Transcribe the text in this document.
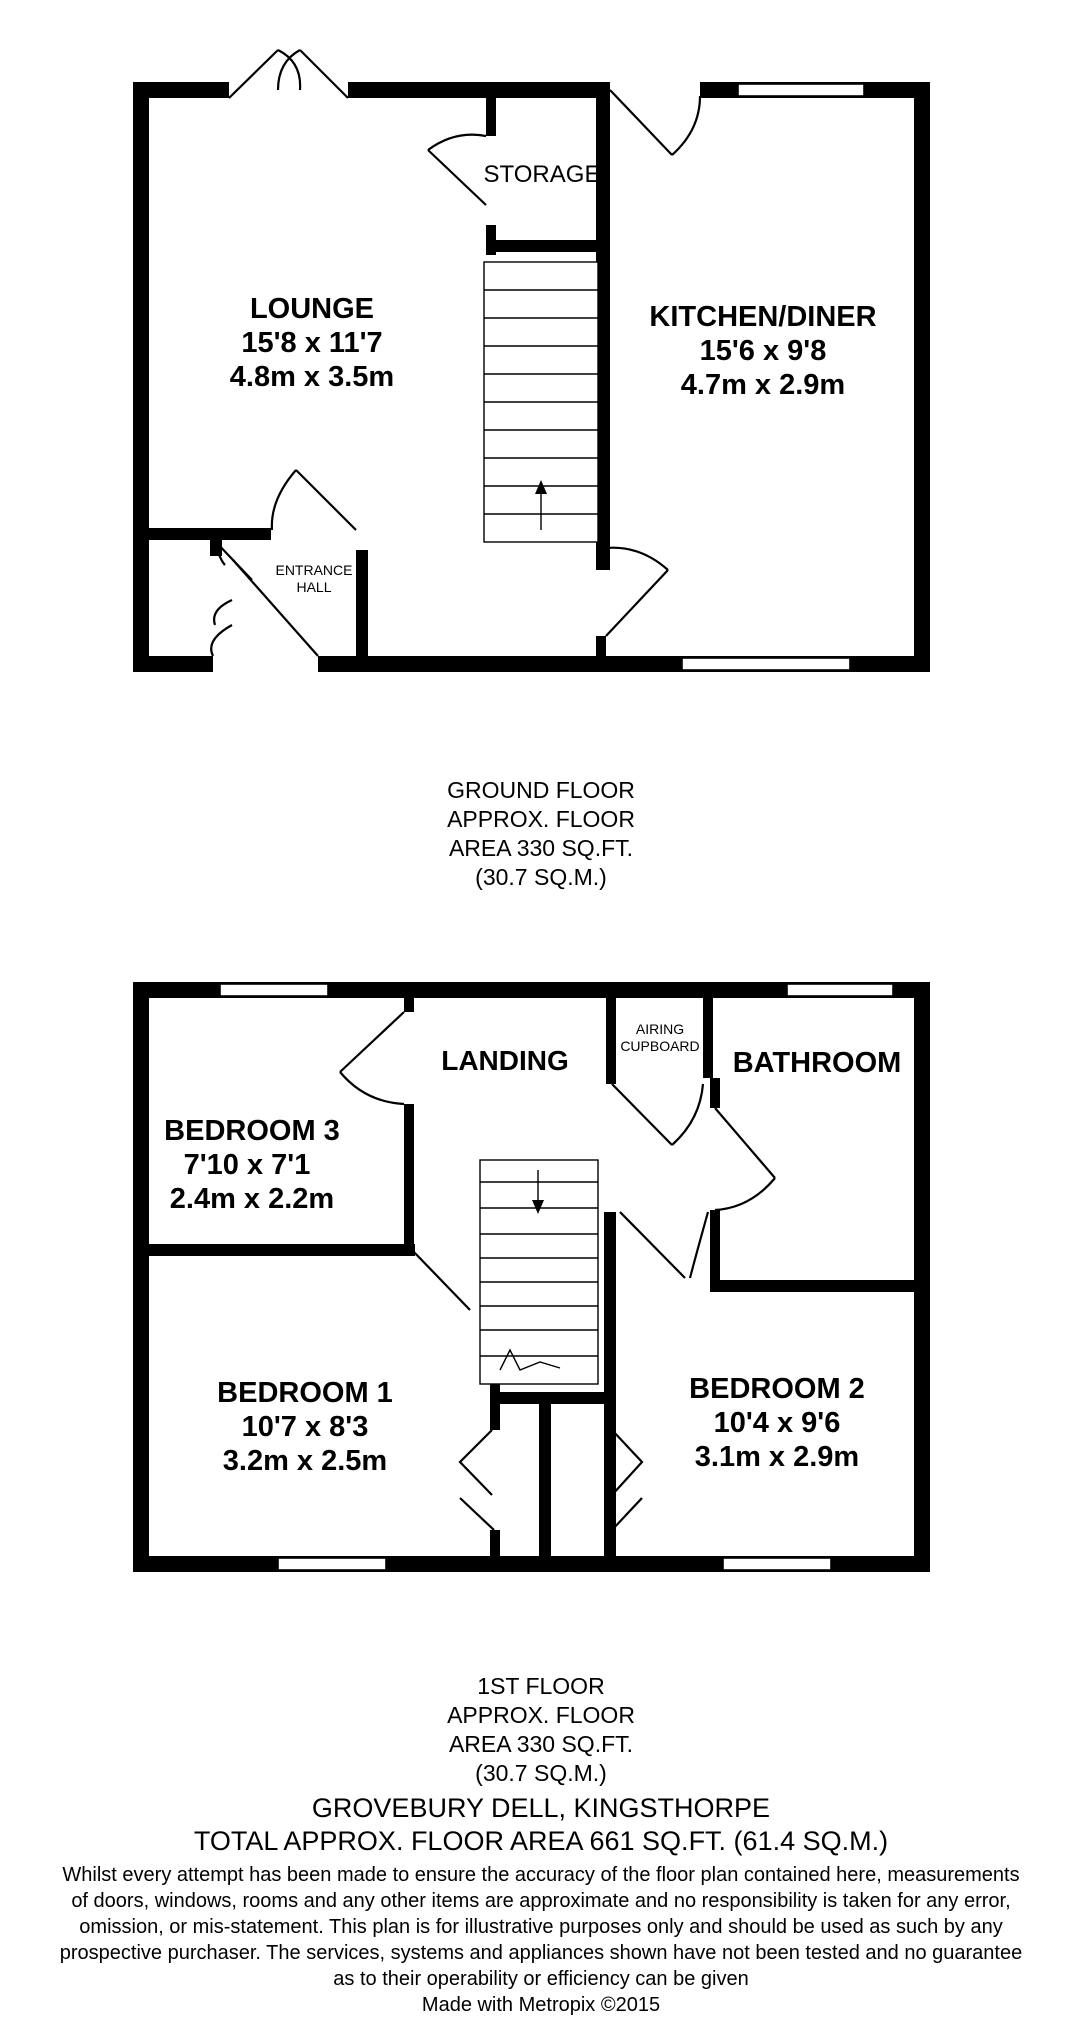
LOUNGE
15'8 x 11'7
4.8m x 3.5m
KITCHEN/DINER
15'6 x 9'8
4.7m x 2.9m
STORAGE
ENTRANCE
HALL
LANDING
AIRING
CUPBOARD
BATHROOM
BEDROOM 3
7'10 x 7'1
2.4m x 2.2m
BEDROOM 1
10'7 x 8'3
3.2m x 2.5m
BEDROOM 2
10'4 x 9'6
3.1m x 2.9m
GROUND FLOOR
APPROX. FLOOR
AREA 330 SQ.FT.
(30.7 SQ.M.)
1ST FLOOR
APPROX. FLOOR
AREA 330 SQ.FT.
(30.7 SQ.M.)
GROVEBURY DELL, KINGSTHORPE
TOTAL APPROX. FLOOR AREA 661 SQ.FT. (61.4 SQ.M.)
Whilst every attempt has been made to ensure the accuracy of the floor plan contained here, measurements
of doors, windows, rooms and any other items are approximate and no responsibility is taken for any error,
omission, or mis-statement. This plan is for illustrative purposes only and should be used as such by any
prospective purchaser. The services, systems and appliances shown have not been tested and no guarantee
as to their operability or efficiency can be given
Made with Metropix ©2015
